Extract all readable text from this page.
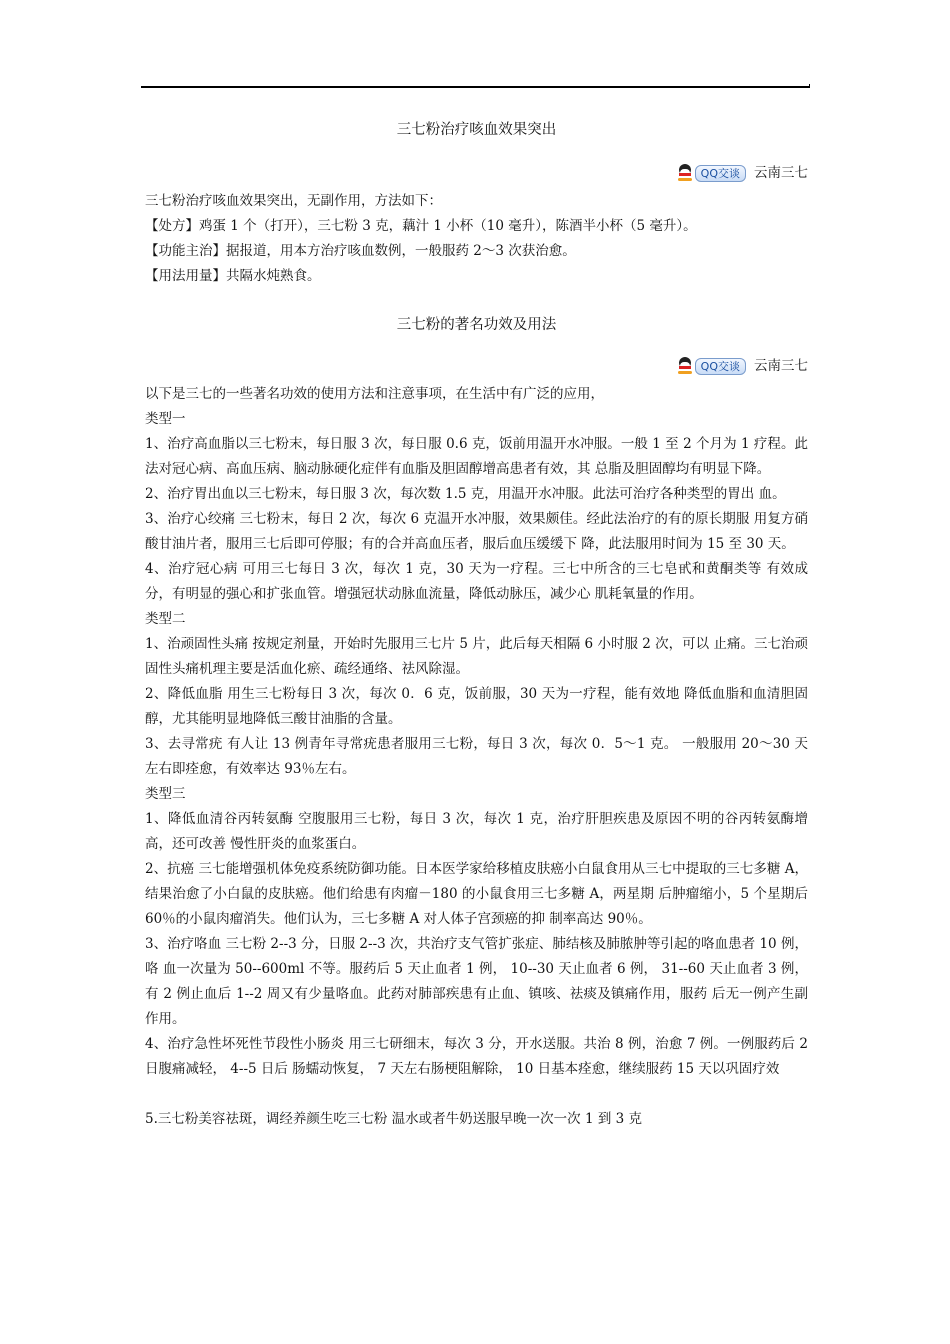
三七粉治疗咳血效果突出
QQ交谈	云南三七

三七粉治疗咳血效果突出，无副作用，方法如下：

【处方】鸡蛋 1 个（打开），三七粉 3 克，藕汁 1 小杯（10 毫升），陈酒半小杯（5 毫升）。

【功能主治】据报道，用本方治疗咳血数例，一般服药 2～3 次获治愈。

【用法用量】共隔水炖熟食。

三七粉的著名功效及用法
QQ交谈	云南三七

以下是三七的一些著名功效的使用方法和注意事项，在生活中有广泛的应用，

类型一

1、治疗高血脂以三七粉末，每日服 3 次，每日服 0.6 克，饭前用温开水冲服。一般 1 至 2 个月为 1 疗程。此法对冠心病、高血压病、脑动脉硬化症伴有血脂及胆固醇增高患者有效，其 总脂及胆固醇均有明显下降。

2、治疗胃出血以三七粉末，每日服 3 次，每次数 1.5 克，用温开水冲服。此法可治疗各种类型的胃出 血。

3、治疗心绞痛 三七粉末，每日 2 次，每次 6 克温开水冲服，效果颇佳。经此法治疗的有的原长期服 用复方硝酸甘油片者，服用三七后即可停服；有的合并高血压者，服后血压缓缓下 降，此法服用时间为 15 至 30 天。

4、治疗冠心病 可用三七每日 3 次，每次 1 克，30 天为一疗程。三七中所含的三七皂甙和黄酮类等 有效成分，有明显的强心和扩张血管。增强冠状动脉血流量，降低动脉压，减少心 肌耗氧量的作用。

类型二

1、治顽固性头痛 按规定剂量，开始时先服用三七片 5 片，此后每天相隔 6 小时服 2 次，可以 止痛。三七治顽固性头痛机理主要是活血化瘀、疏经通络、祛风除湿。

2、降低血脂 用生三七粉每日 3 次，每次 0．6 克，饭前服，30 天为一疗程，能有效地 降低血脂和血清胆固醇，尤其能明显地降低三酸甘油脂的含量。

3、去寻常疣 有人让 13 例青年寻常疣患者服用三七粉，每日 3 次，每次 0．5～1 克。 一般服用 20～30 天左右即痊愈，有效率达 93％左右。

类型三

1、降低血清谷丙转氨酶 空腹服用三七粉，每日 3 次，每次 1 克，治疗肝胆疾患及原因不明的谷丙转氨酶增高，还可改善 慢性肝炎的血浆蛋白。

2、抗癌 三七能增强机体免疫系统防御功能。日本医学家给移植皮肤癌小白鼠食用从三七中提取的三七多糖 A，结果治愈了小白鼠的皮肤癌。他们给患有肉瘤－180 的小鼠食用三七多糖 A，两星期 后肿瘤缩小，5 个星期后 60％的小鼠肉瘤消失。他们认为，三七多糖 A 对人体子宫颈癌的抑 制率高达 90％。

3、治疗咯血 三七粉 2--3 分，日服 2--3 次，共治疗支气管扩张症、肺结核及肺脓肿等引起的咯血患者 10 例，咯 血一次量为 50--600ml 不等。服药后 5 天止血者 1 例， 10--30 天止血者 6 例， 31--60 天止血者 3 例，有 2 例止血后 1--2 周又有少量咯血。此药对肺部疾患有止血、镇咳、祛痰及镇痛作用，服药 后无一例产生副作用。

4、治疗急性坏死性节段性小肠炎 用三七研细末，每次 3 分，开水送服。共治 8 例，治愈 7 例。一例服药后 2 日腹痛减轻， 4--5 日后 肠蠕动恢复， 7 天左右肠梗阻解除， 10 日基本痊愈，继续服药 15 天以巩固疗效

5.三七粉美容祛斑，调经养颜生吃三七粉 温水或者牛奶送服早晚一次一次 1 到 3 克
